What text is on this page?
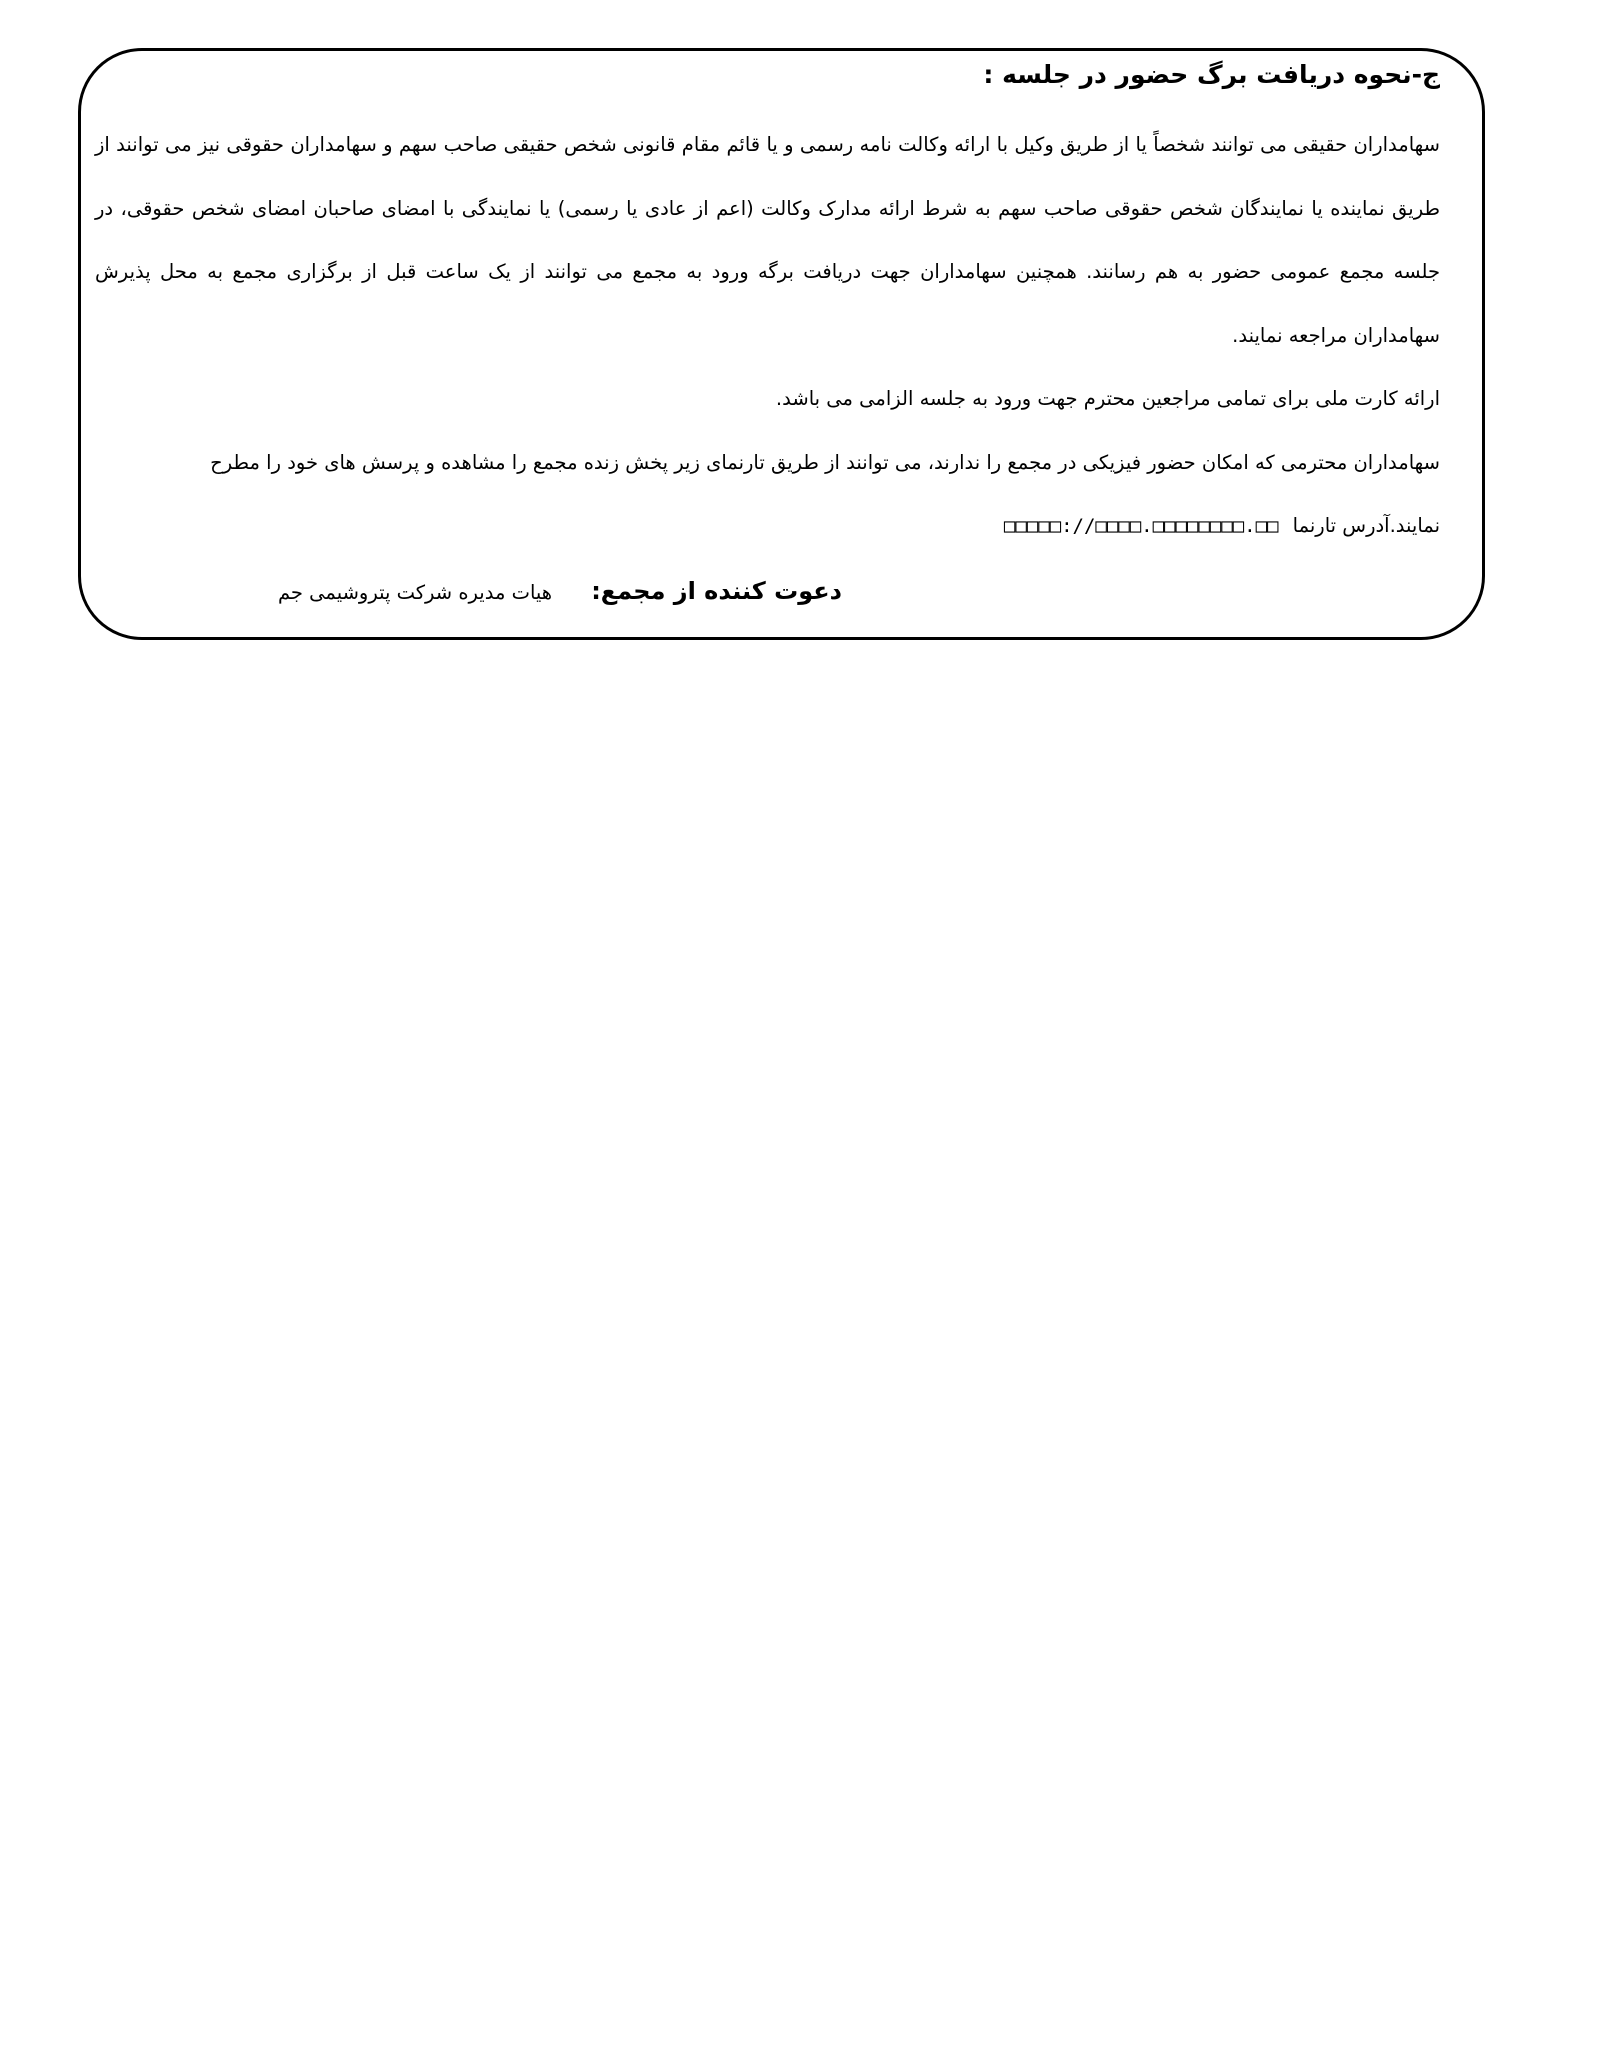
ج-نحوه دریافت برگ حضور در جلسه :

سهامداران حقیقی می توانند شخصاً یا از طریق وکیل با ارائه وکالت نامه رسمی و یا قائم مقام قانونی شخص حقیقی صاحب سهم و سهامداران حقوقی نیز می توانند از طریق نماینده یا نمایندگان شخص حقوقی صاحب سهم به شرط ارائه مدارک وکالت (اعم از عادی یا رسمی) یا نمایندگی با امضای صاحبان امضای شخص حقوقی، در جلسه مجمع عمومی حضور به هم رسانند. همچنین سهامداران جهت دریافت برگه ورود به مجمع می توانند از یک ساعت قبل از برگزاری مجمع به محل پذیرش سهامداران مراجعه نمایند.

ارائه کارت ملی برای تمامی مراجعین محترم جهت ورود به جلسه الزامی می باشد.

سهامداران محترمی که امکان حضور فیزیکی در مجمع را ندارند، می توانند از طریق تارنمای زیر پخش زنده مجمع را مشاهده و پرسش های خود را مطرح

نمایند.آدرس تارنما □□□□□://□□□□.□□□□□□□□.□□

دعوت کننده از مجمع: هیات مدیره شرکت پتروشیمی جم
